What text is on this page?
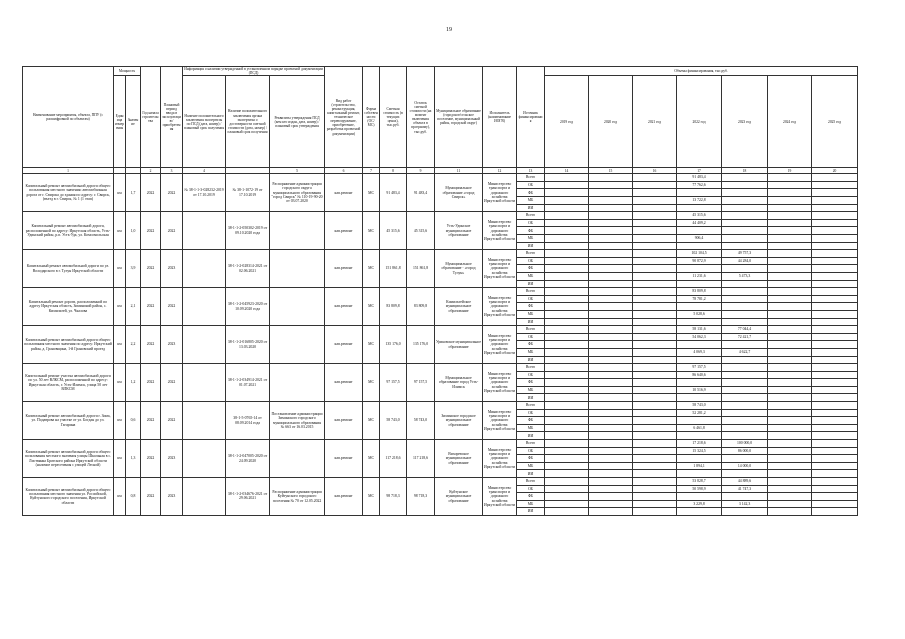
19
Наименование мероприятия, объекта, ППУ (с расшифровкой по объектам)	Мощность		Год начала строительства	Плановый период ввода в эксплуатацию/приобретения	Информация о наличии утвержденной в установленном порядке проектной документации (ПСД)			Вид работ (строительство, реконструкция, капитальный ремонт, техническое перевооружение, приобретение, разработка проектной документации)	Форма собственности (ОС/МС)	Сметная стоимость (в текущих ценах), тыс.руб.	Остаток сметной стоимости (на момент включения объекта в программу), тыс.руб.	Муниципальное образование (городское/сельское поселение, муниципальный район, городской округ)	Исполнитель (наименование ИОГВ)	Источник финансирования	Объемы финансирования, тыс.руб.						
	Единица измерения	Значение			Наличие положительного заключения экспертизы по ПСД (дата, номер) / плановый срок получения	Наличие положительного заключения органа экспертизы о достоверности сметной стоимости (дата, номер) / плановый срок получения	Реквизиты утверждения ПСД (кем кто издан, дата, номер) / плановый срок утверждения								2019 год	2020 год	2021 год	2022 год	2023 год	2024 год	2025 год
1			2	3	4		5	6	7	8	9	11	12	13	14	15	16	17	18	19	20
Капитальный ремонт автомобильной дороги общего пользования местного значения: автомобильная дорога от г. Свирска до здания по адресу: г. Свирск, (въезд в г. Свирск, № 1 (1 этап)	км	1,7	2022	2022	№ 38-1-1-3-028232-2019 от 17.10.2019	№ 38-1-1072-19 от 17.10.2019	Распоряжение администрации городского округа муниципального образования "город Свирск" № 110-19-90-20 от 03.07.2020	кап.ремонт	МС	91 483,4	91 483,4	Муниципальное образование «город Свирск»	Министерство транспорта и дорожного хозяйства Иркутской области	Всего				91 483,4			
														ОБ				77 762,6			
														ФБ							
														МБ				13 722,8			
														ИИ							
Капитальный ремонт автомобильной дороги, расположенной по адресу: Иркутская область, Усть-Удинский район, р.п. Усть-Уда, ул. Комсомольская	км	1,0	2022	2022		38-1-1-2-050302-2019 от 09.10.2020 года		кап.ремонт	МС	45 315,6	45 315,6	Усть-Удинское муниципальное образование	Министерство транспорта и дорожного хозяйства Иркутской области	Всего				45 315,6			
														ОБ				44 409,2			
														ФБ							
														МБ				906,4			
														ИИ							
Капитальный ремонт автомобильной дороги по ул. Володарского в г. Тулун Иркутской области	км	3,9	2022	2023		38-1-1-2-028314-2021 от 02.06.2021		кап.ремонт	МС	151 861,8	151 861,8	Муниципальное образование - «город Тулун»	Министерство транспорта и дорожного хозяйства Иркутской области	Всего				102 104,5	49 757,3		
														ОБ				90 872,9	44 284,0		
														ФБ							
														МБ				11 231,6	5 473,3		
														ИИ							
Капитальный ремонт дороги, расположенной по адресу Иркутская область, Зиминский район, с. Кимильтей, ул. Чкалова	км	2,1	2022	2022		38-1-1-2-045923-2020 от 10.09.2020 года		кап.ремонт	МС	83 809,8	83 809,8	Кимильтейское муниципальное образование	Министерство транспорта и дорожного хозяйства Иркутской области	Всего				83 809,8			
														ОБ				78 781,2			
														ФБ							
														МБ				5 028,6			
														ИИ							
Капитальный ремонт автомобильной дороги общего пользования местного значения по адресу: Иркутский район, д. Грановщина, 1-й Грановский проезд	км	2,2	2022	2023		38-1-1-2-016805-2020 от 13.03.2020		кап.ремонт	МС	135 176,0	135 176,0	Уриковское муниципальное образование	Министерство транспорта и дорожного хозяйства Иркутской области	Всего				58 131,6	77 044,4		
														ОБ				54 062,3	72 421,7		
														ФБ							
														МБ				4 069,3	4 622,7		
														ИИ							
Капитальный ремонт участка автомобильной дороги по ул. 50 лет ВЛКСМ, расположенной по адресу: Иркутская область, г. Усть-Илимск, улица 50 лет ВЛКСМ	км	1,2	2022	2022		38-1-1-2-034914-2021 от 01.07.2021		кап.ремонт	МС	97 157,5	97 157,5	Муниципальное образование город Усть-Илимск	Министерство транспорта и дорожного хозяйства Иркутской области	Всего				97 157,5			
														ОБ				86 640,6			
														ФБ							
														МБ				10 516,9			
														ИИ							
Капитальный ремонт автомобильной дороги г. Зима, ул. Подаврова на участке от ул. Богдан до ул. Гагарина	км	0,6	2022	2022		38-1-5-0765-14 от 08.09.2014 года	Постановление администрации Зиминского городского муниципального образования № 663 от 16.03.2015	кап.ремонт	МС	58 743,0	58 743,0	Зиминское городское муниципальное образование	Министерство транспорта и дорожного хозяйства Иркутской области	Всего				58 743,0			
														ОБ				52 281,2			
														ФБ							
														МБ				6 461,8			
														ИИ							
Капитальный ремонт автомобильной дороги общего пользования местного значения улицы Школьная в с. Листвянка Братского района Иркутской области (наличие пересечения с улицей Лесной)	км	1,3	2022	2023		38-1-1-2-047005-2020 от 24.09.2020		кап.ремонт	МС	117 218,6	117 218,6	Вихоревское муниципальное образование	Министерство транспорта и дорожного хозяйства Иркутской области	Всего				17 218,6	100 000,0		
														ОБ				15 324,5	86 000,0		
														ФБ							
														МБ				1 894,1	14 000,0		
														ИИ							
Капитальный ремонт автомобильной дороги общего пользования местного значения ул. Российской, Куйтунского городского поселения, Иркутской области	км	0,8	2022	2023		38-1-1-2-034676-2021 от 29.06.2021	Распоряжение администрации Куйтунского городского поселения № 70 от 12.05.2022	кап.ремонт	МС	98 718,3	98 718,3	Куйтунское муниципальное образование	Министерство транспорта и дорожного хозяйства Иркутской области	Всего				53 828,7	44 889,6		
														ОБ				50 598,9	41 747,3		
														ФБ							
														МБ				3 229,8	3 142,3		
														ИИ							
